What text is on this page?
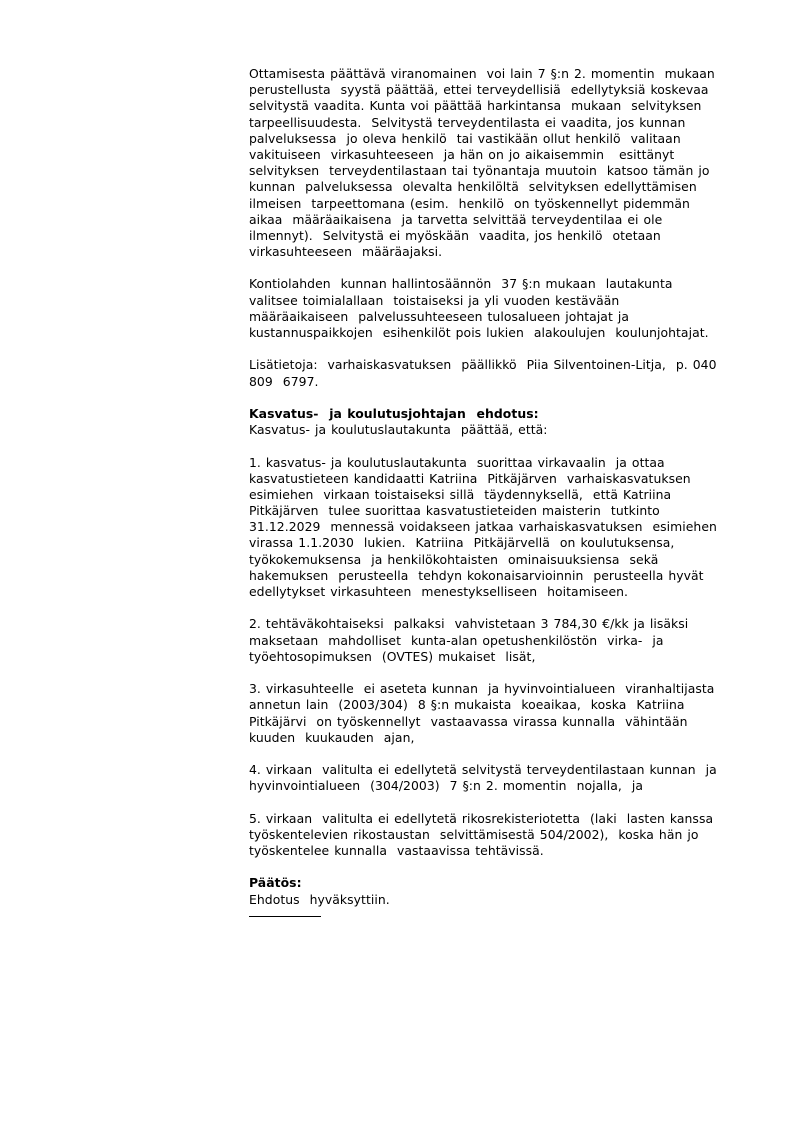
Ottamisesta päättävä viranomainen  voi lain 7 §:n 2. momentin  mukaan
perustellusta  syystä päättää, ettei terveydellisiä  edellytyksiä koskevaa
selvitystä vaadita. Kunta voi päättää harkintansa  mukaan  selvityksen
tarpeellisuudesta.  Selvitystä terveydentilasta ei vaadita, jos kunnan
palveluksessa  jo oleva henkilö  tai vastikään ollut henkilö  valitaan
vakituiseen  virkasuhteeseen  ja hän on jo aikaisemmin   esittänyt
selvityksen  terveydentilastaan tai työnantaja muutoin  katsoo tämän jo
kunnan  palveluksessa  olevalta henkilöltä  selvityksen edellyttämisen
ilmeisen  tarpeettomana (esim.  henkilö  on työskennellyt pidemmän
aikaa  määräaikaisena  ja tarvetta selvittää terveydentilaa ei ole
ilmennyt).  Selvitystä ei myöskään  vaadita, jos henkilö  otetaan
virkasuhteeseen  määräajaksi.
Kontiolahden  kunnan hallintosäännön  37 §:n mukaan  lautakunta
valitsee toimialallaan  toistaiseksi ja yli vuoden kestävään
määräaikaiseen  palvelussuhteeseen tulosalueen johtajat ja
kustannuspaikkojen  esihenkilöt pois lukien  alakoulujen  koulunjohtajat.
Lisätietoja:  varhaiskasvatuksen  päällikkö  Piia Silventoinen-Litja,  p. 040
809  6797.
Kasvatus-  ja koulutusjohtajan  ehdotus:
Kasvatus- ja koulutuslautakunta  päättää, että:
1. kasvatus- ja koulutuslautakunta  suorittaa virkavaalin  ja ottaa
kasvatustieteen kandidaatti Katriina  Pitkäjärven  varhaiskasvatuksen
esimiehen  virkaan toistaiseksi sillä  täydennyksellä,  että Katriina
Pitkäjärven  tulee suorittaa kasvatustieteiden maisterin  tutkinto
31.12.2029  mennessä voidakseen jatkaa varhaiskasvatuksen  esimiehen
virassa 1.1.2030  lukien.  Katriina  Pitkäjärvellä  on koulutuksensa,
työkokemuksensa  ja henkilökohtaisten  ominaisuuksiensa  sekä
hakemuksen  perusteella  tehdyn kokonaisarvioinnin  perusteella hyvät
edellytykset virkasuhteen  menestykselliseen  hoitamiseen.
2. tehtäväkohtaiseksi  palkaksi  vahvistetaan 3 784,30 €/kk ja lisäksi
maksetaan  mahdolliset  kunta-alan opetushenkilöstön  virka-  ja
työehtosopimuksen  (OVTES) mukaiset  lisät,
3. virkasuhteelle  ei aseteta kunnan  ja hyvinvointialueen  viranhaltijasta
annetun lain  (2003/304)  8 §:n mukaista  koeaikaa,  koska  Katriina
Pitkäjärvi  on työskennellyt  vastaavassa virassa kunnalla  vähintään
kuuden  kuukauden  ajan,
4. virkaan  valitulta ei edellytetä selvitystä terveydentilastaan kunnan  ja
hyvinvointialueen  (304/2003)  7 §:n 2. momentin  nojalla,  ja
5. virkaan  valitulta ei edellytetä rikosrekisteriotetta  (laki  lasten kanssa
työskentelevien rikostaustan  selvittämisestä 504/2002),  koska hän jo
työskentelee kunnalla  vastaavissa tehtävissä.
Päätös:
Ehdotus  hyväksyttiin.
